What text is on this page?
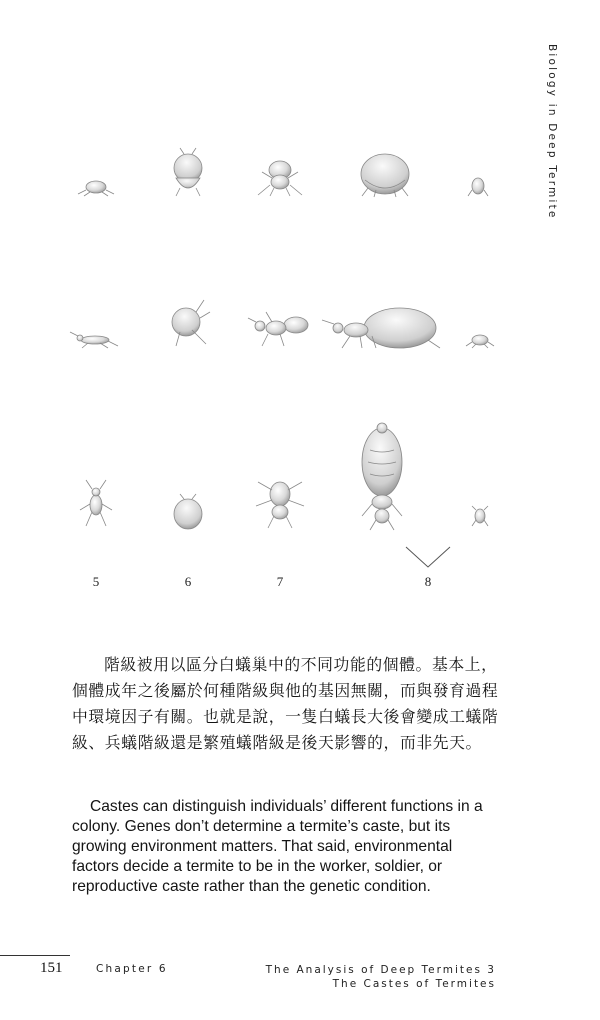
Biology in Deep Termite
5	6	7	8

階級被用以區分白蟻巢中的不同功能的個體。基本上，個體成年之後屬於何種階級與他的基因無關，而與發育過程中環境因子有關。也就是說，一隻白蟻長大後會變成工蟻階級、兵蟻階級還是繁殖蟻階級是後天影響的，而非先天。

Castes can distinguish individuals’ different functions in a colony. Genes don’t determine a termite’s caste, but its growing environment matters. That said, environmental factors decide a termite to be in the worker, soldier, or reproductive caste rather than the genetic condition.

151	Chapter 6	The Analysis of Deep Termites 3
The Castes of Termites
